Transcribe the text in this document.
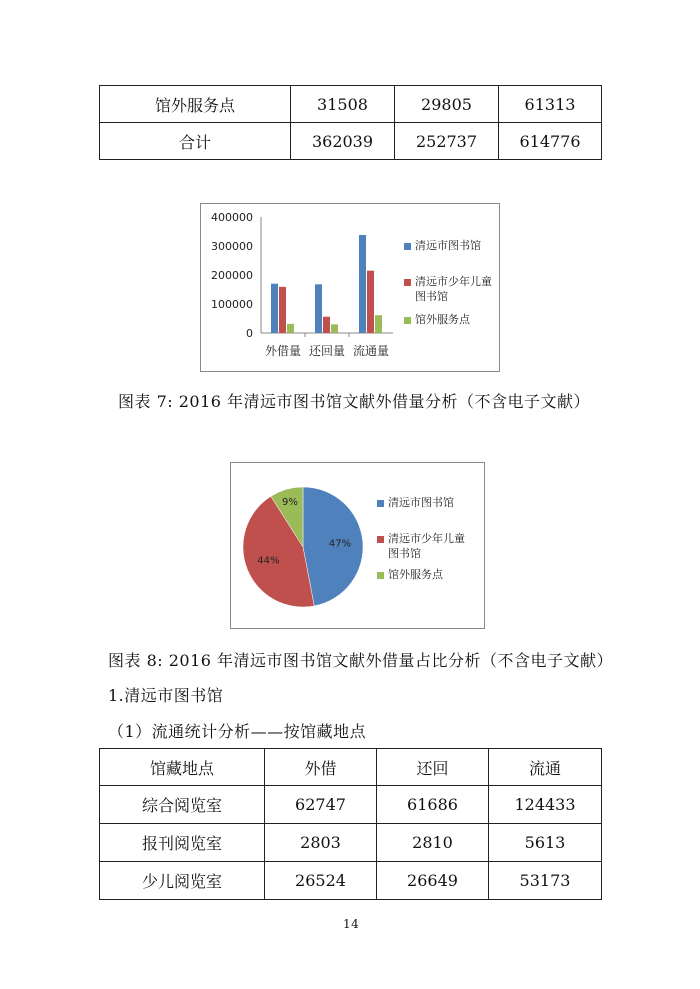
馆外服务点	31508	29805	61313
合计	362039	252737	614776
400000
300000
200000
100000
0
外借量 还回量 流通量
清远市图书馆
清远市少年儿童
图书馆
馆外服务点
图表 7: 2016 年清远市图书馆文献外借量分析（不含电子文献）
47%
44%
9%	清远市图书馆
清远市少年儿童
图书馆
馆外服务点
图表 8: 2016 年清远市图书馆文献外借量占比分析（不含电子文献）
1.清远市图书馆
（1）流通统计分析——按馆藏地点
馆藏地点	外借	还回	流通
综合阅览室	62747	61686	124433
报刊阅览室	2803	2810	5613
少儿阅览室	26524	26649	53173
14
